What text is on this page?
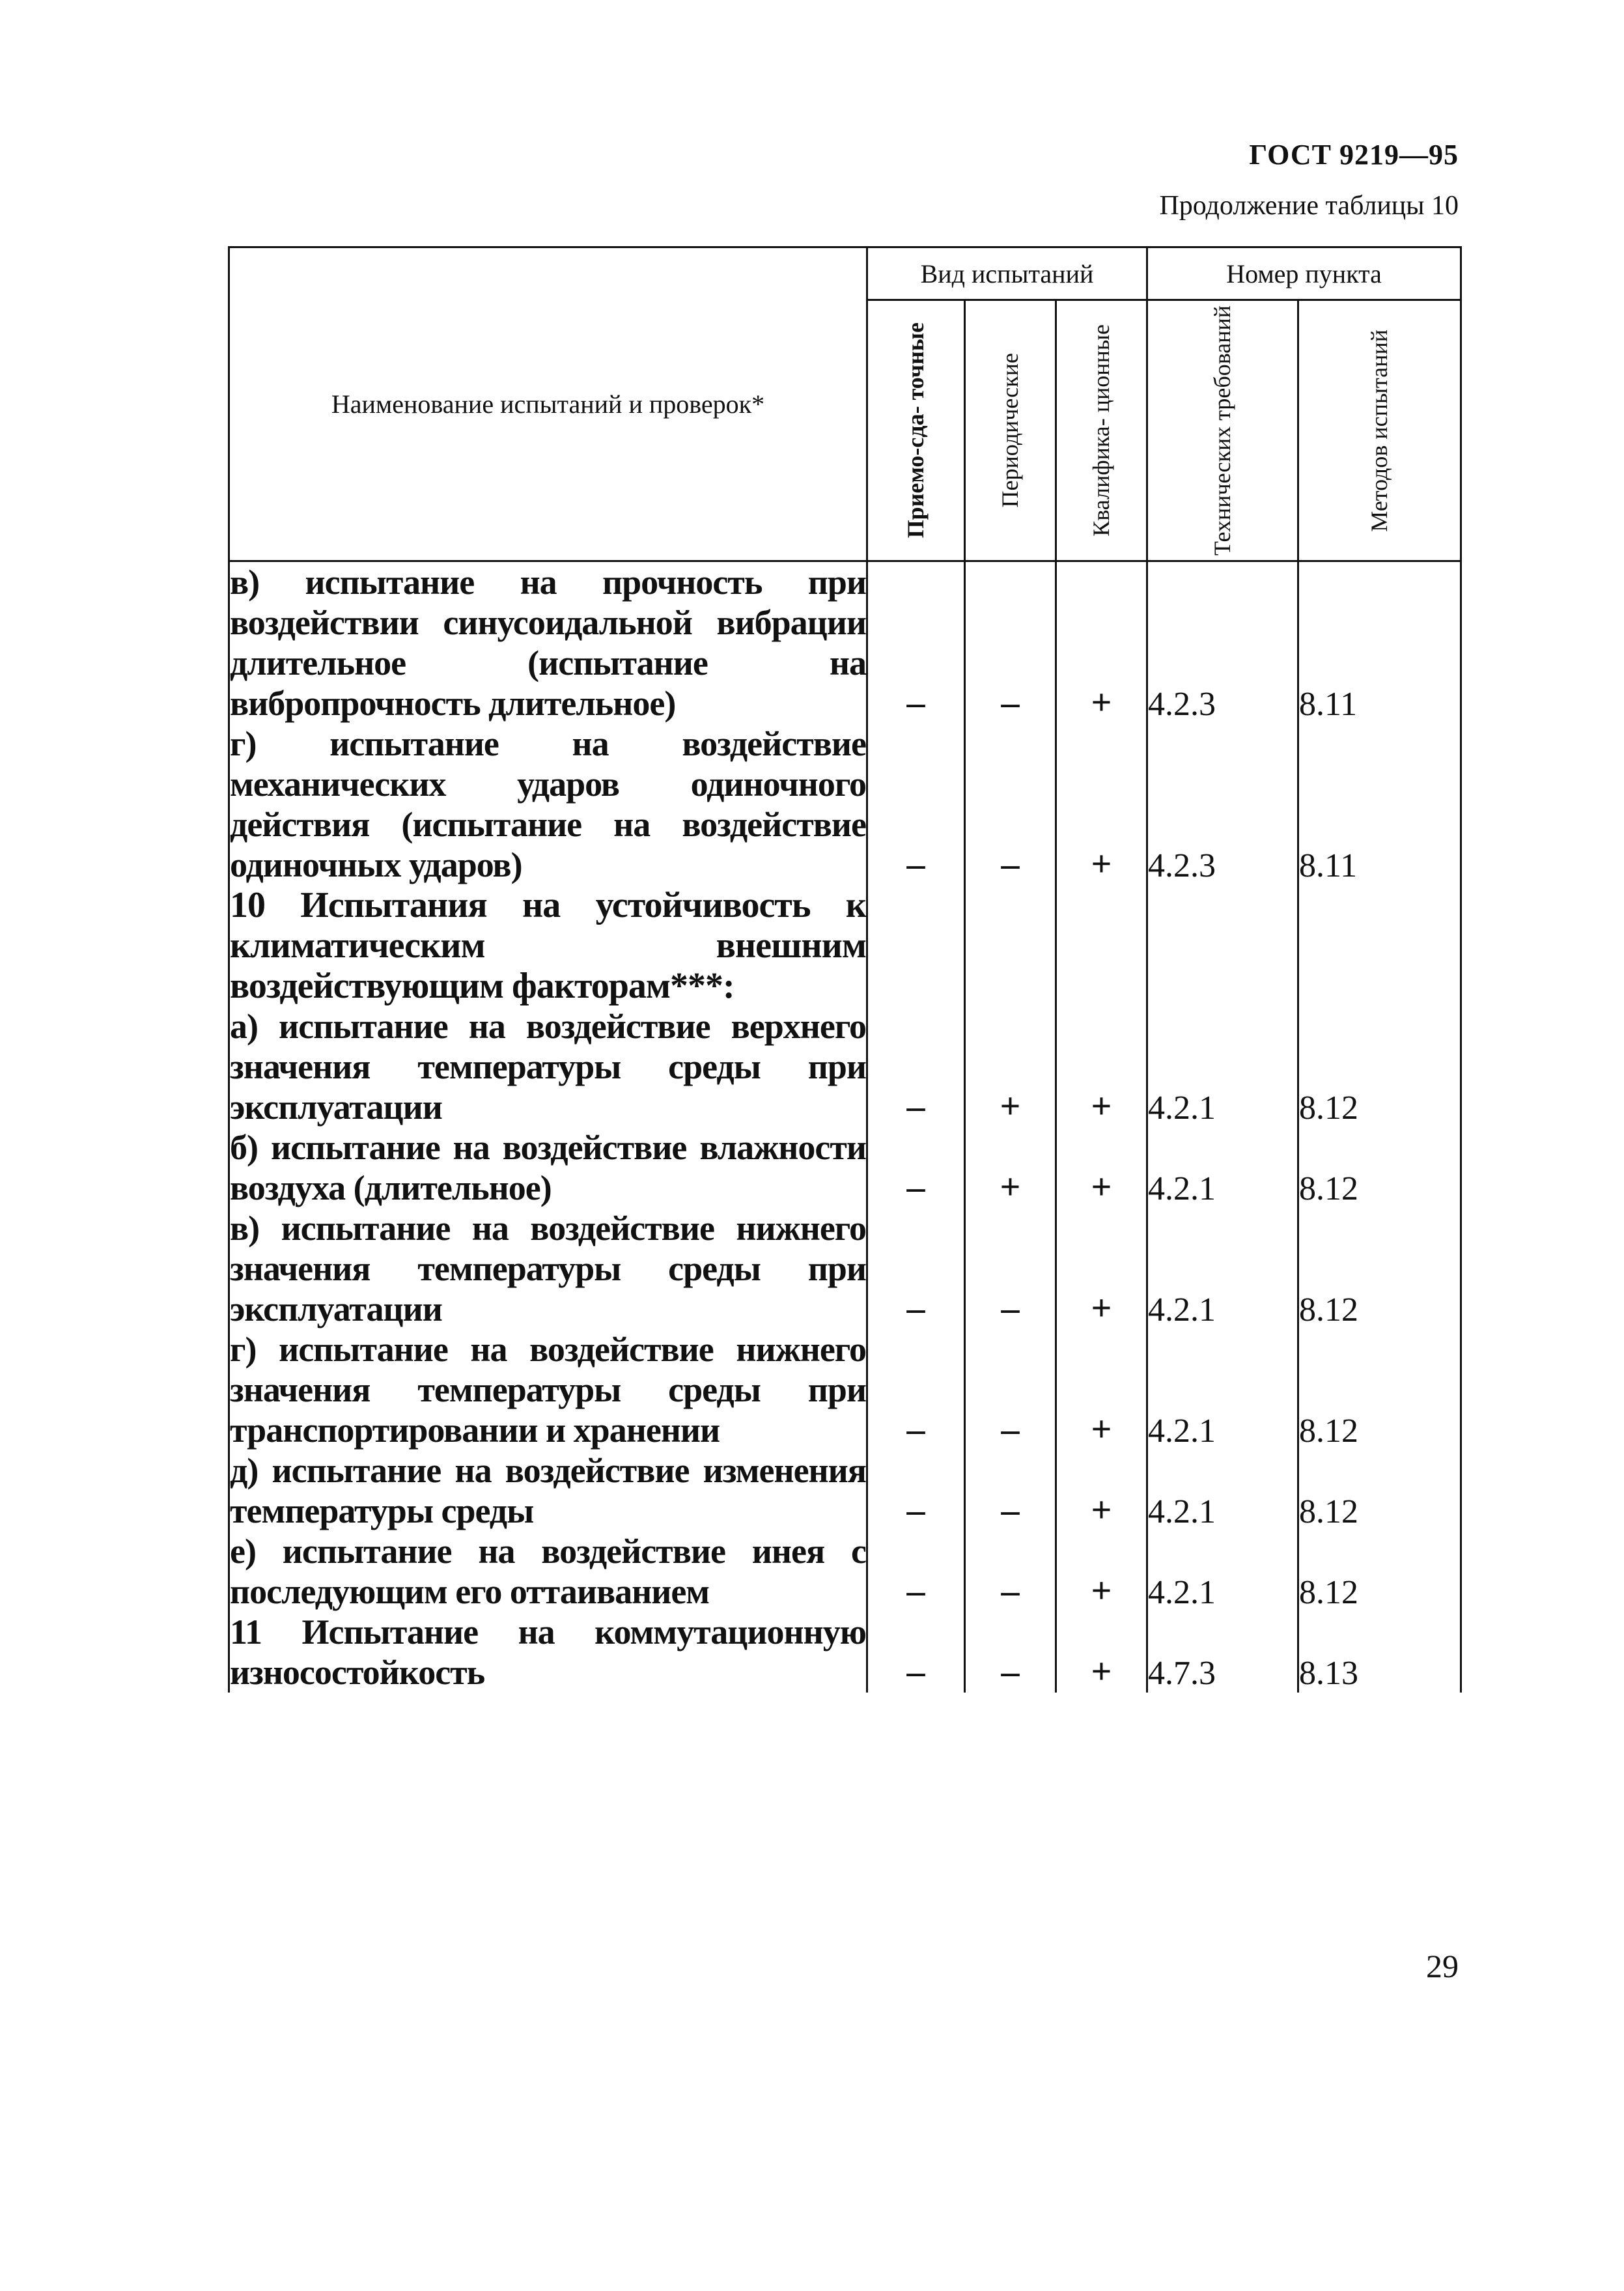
ГОСТ 9219—95
Продолжение таблицы 10
Наименование испытаний и проверок*	Вид испытаний			Номер пункта	

	Приемо-сда- точные	Периодические	Квалифика- ционные	Технических требований	Методов испытаний

в) испытание на прочность при воздействии синусоидальной вибрации длительное (испытание на вибропрочность длительное)	–	–	+	4.2.3	8.11
г) испытание на воздействие механических ударов одиночного действия (испытание на воздействие одиночных ударов)	–	–	+	4.2.3	8.11
10 Испытания на устойчивость к климатическим внешним воздействующим факторам***:					
а) испытание на воздействие верхнего значения температуры среды при эксплуатации	–	+	+	4.2.1	8.12
б) испытание на воздействие влажности воздуха (длительное)	–	+	+	4.2.1	8.12
в) испытание на воздействие нижнего значения температуры среды при эксплуатации	–	–	+	4.2.1	8.12
г) испытание на воздействие нижнего значения температуры среды при транспортировании и хранении	–	–	+	4.2.1	8.12
д) испытание на воздействие изменения температуры среды	–	–	+	4.2.1	8.12
е) испытание на воздействие инея с последующим его оттаиванием	–	–	+	4.2.1	8.12
11 Испытание на коммутационную износостойкость	–	–	+	4.7.3	8.13
29
